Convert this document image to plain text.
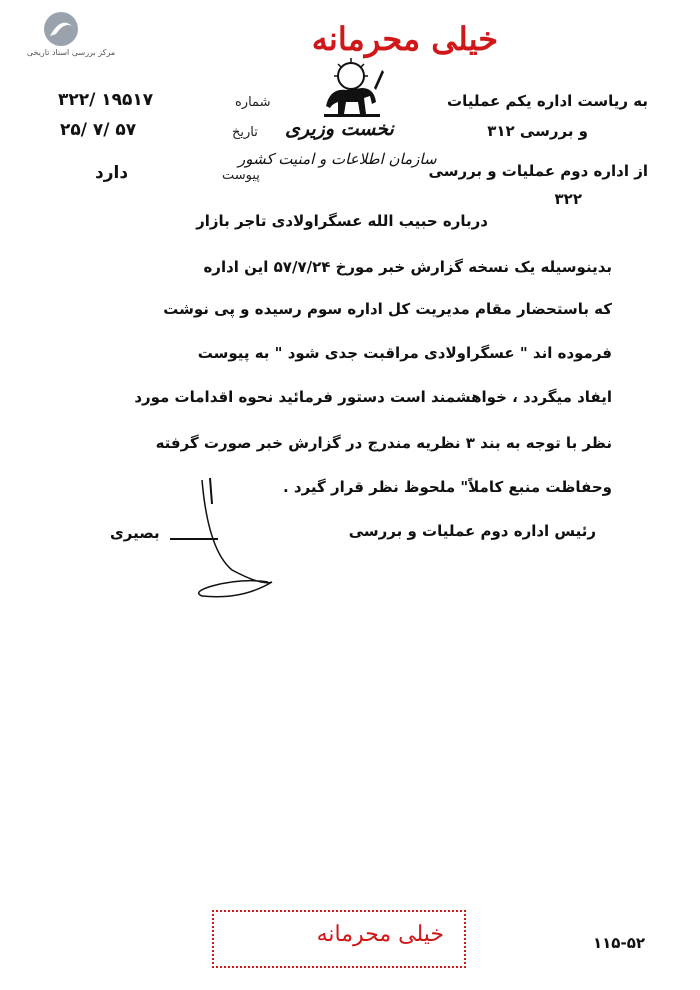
مرکز بررسی اسناد تاریخی	خیلی محرمانه
نخست وزیری
سازمان اطلاعات و امنیت کشور
شماره
۳۲۲/ ۱۹۵۱۷
تاریخ
۲۵/ ۷/ ۵۷
پیوست
دارد
به ریاست اداره یکم عملیات
و بررسی ۳۱۲
از اداره دوم عملیات و بررسی
۳۲۲
درباره حبیب الله عسگراولادی تاجر بازار
بدینوسیله یک نسخه گزارش خبر مورخ ۵۷/۷/۲۴ این اداره
که باستحضار مقام مدیریت کل اداره سوم رسیده و پی نوشت
فرموده اند " عسگراولادی مراقبت جدی شود " به پیوست
ایفاد میگردد ، خواهشمند است دستور فرمائید نحوه اقدامات مورد
نظر با توجه به بند ۳ نظریه مندرج در گزارش خبر صورت گرفته
وحفاظت منبع کاملاً" ملحوظ نظر قرار گیرد .
رئیس اداره دوم عملیات و بررسی
بصیری
خیلی محرمانه	۱۱۵-۵۲
